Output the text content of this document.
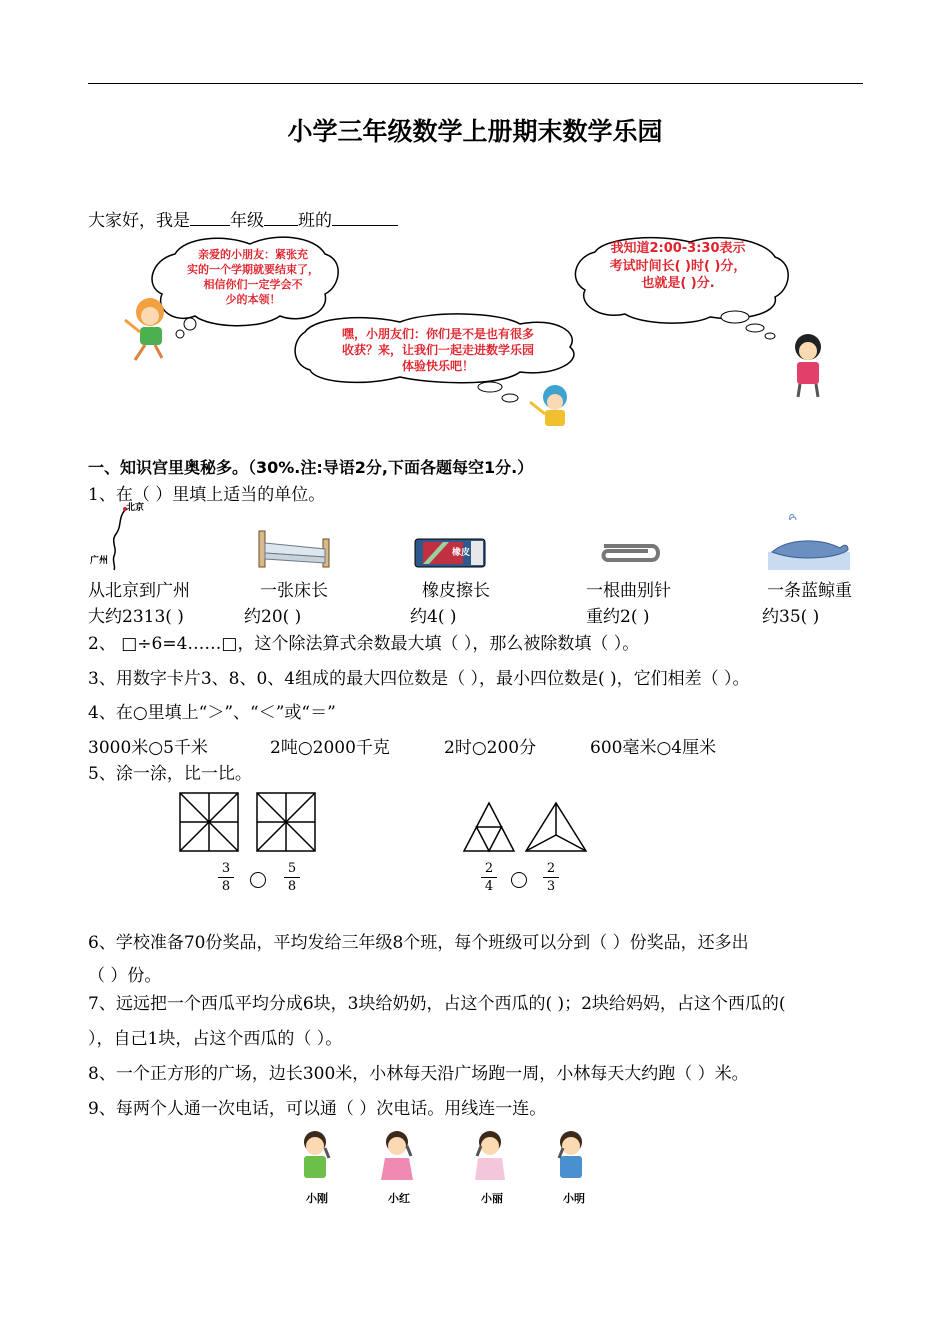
小学三年级数学上册期末数学乐园
大家好，我是 年级 班的
亲爱的小朋友：紧张充
实的一个学期就要结束了，
相信你们一定学会不
少的本领！
嘿，小朋友们：你们是不是也有很多
收获？来，让我们一起走进数学乐园
体验快乐吧！
我知道2:00-3:30表示
考试时间长( )时( )分，
也就是( )分.
一、知识宫里奥秘多。（30%.注:导语2分,下面各题每空1分.）
1、在（ ）里填上适当的单位。
北京
广州
橡皮
从北京到广州	一张床长	橡皮擦长	一根曲别针	一条蓝鲸重
大约2313( )	约20( )	约4( )	重约2( )	约35( )
2、 □÷6=4……□，这个除法算式余数最大填（ ），那么被除数填（ ）。
3、用数字卡片3、8、0、4组成的最大四位数是（ ），最小四位数是( )，它们相差（ ）。
4、在○里填上“＞”、“＜”或“＝”
3000米○5千米	2吨○2000千克	2时○200分	600毫米○4厘米
5、涂一涂，比一比。
3
8
5
8
2
4
2
3
6、学校准备70份奖品，平均发给三年级8个班，每个班级可以分到（ ）份奖品，还多出
（ ）份。
7、远远把一个西瓜平均分成6块，3块给奶奶，占这个西瓜的( )；2块给妈妈，占这个西瓜的(
），自己1块，占这个西瓜的（ ）。
8、一个正方形的广场，边长300米，小林每天沿广场跑一周，小林每天大约跑（ ）米。
9、每两个人通一次电话，可以通（ ）次电话。用线连一连。
小刚	小红	小丽	小明
